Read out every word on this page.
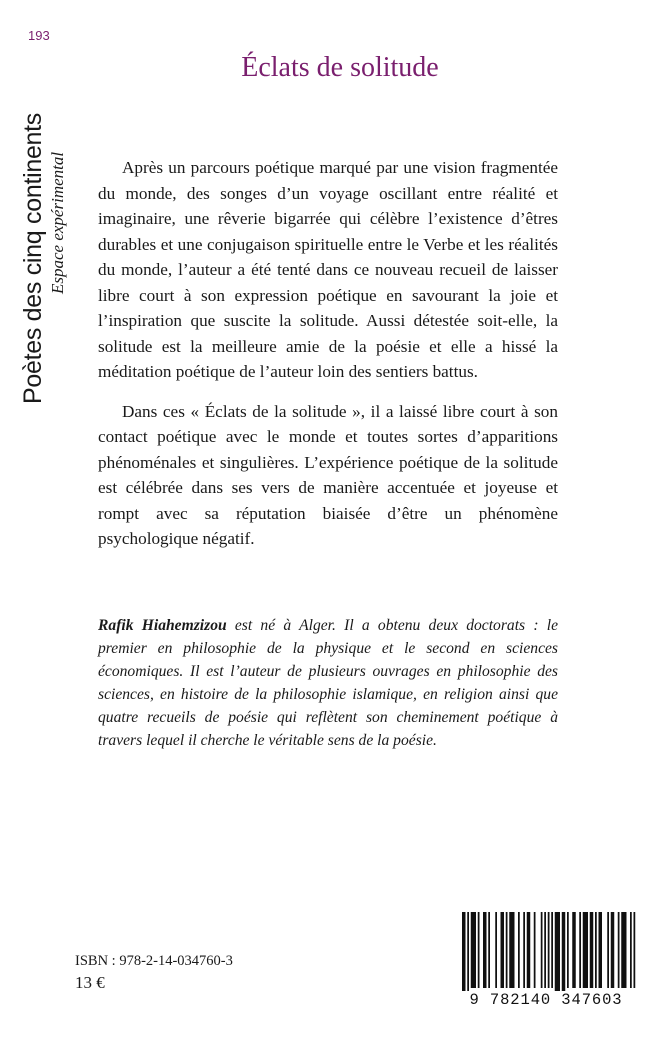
193
Poètes des cinq continents Espace expérimental
Éclats de solitude

Après un parcours poétique marqué par une vision fragmentée du monde, des songes d’un voyage oscillant entre réalité et imaginaire, une rêverie bigarrée qui célèbre l’existence d’êtres durables et une conjugaison spirituelle entre le Verbe et les réalités du monde, l’auteur a été tenté dans ce nouveau recueil de laisser libre court à son expression poétique en savourant la joie et l’inspiration que suscite la solitude. Aussi détestée soit-elle, la solitude est la meilleure amie de la poésie et elle a hissé la méditation poétique de l’auteur loin des sentiers battus.

Dans ces « Éclats de la solitude », il a laissé libre court à son contact poétique avec le monde et toutes sortes d’apparitions phénoménales et singulières. L’expérience poétique de la solitude est célébrée dans ses vers de manière accentuée et joyeuse et rompt avec sa réputation biaisée d’être un phénomène psychologique négatif.

Rafik Hiahemzizou est né à Alger. Il a obtenu deux doctorats : le premier en philosophie de la physique et le second en sciences économiques. Il est l’auteur de plusieurs ouvrages en philosophie des sciences, en histoire de la philosophie islamique, en religion ainsi que quatre recueils de poésie qui reflètent son cheminement poétique à travers lequel il cherche le véritable sens de la poésie.
ISBN : 978-2-14-034760-3
13 €
9 782140 347603
